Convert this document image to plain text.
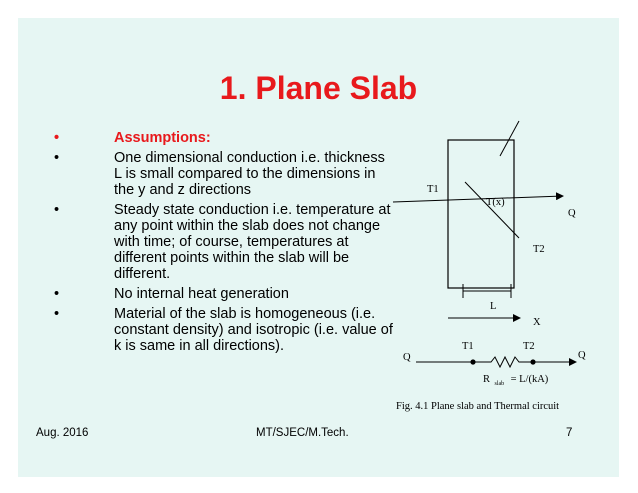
1. Plane Slab
•	Assumptions:
•	One dimensional conduction i.e. thickness L is small compared to the dimensions in the y and z directions
•	Steady state conduction i.e. temperature at any point within the slab does not change with time; of course, temperatures at different points within the slab will be different.
•	No internal heat generation
•	Material of the slab is homogeneous (i.e. constant density) and isotropic (i.e. value of k is same in all directions).
T1
T(x)
Q
T2
L
X
T1	T2
Q	Q
R slab = L/(kA)
Fig. 4.1 Plane slab and Thermal circuit
Aug. 2016	MT/SJEC/M.Tech.	7
